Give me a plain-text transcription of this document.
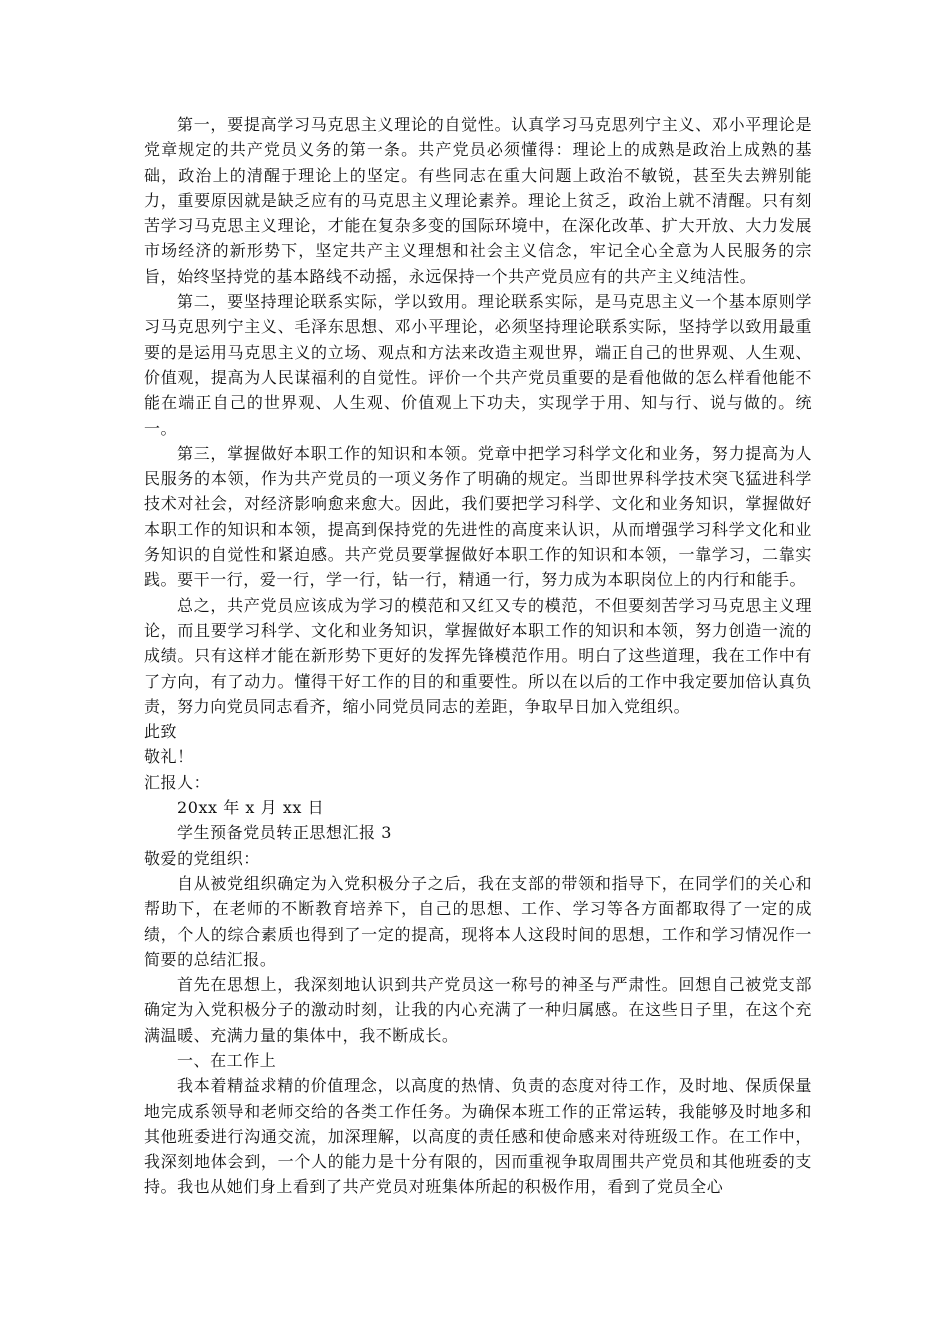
第一，要提高学习马克思主义理论的自觉性。认真学习马克思列宁主义、邓小平理论是党章规定的共产党员义务的第一条。共产党员必须懂得：理论上的成熟是政治上成熟的基础，政治上的清醒于理论上的坚定。有些同志在重大问题上政治不敏锐，甚至失去辨别能力，重要原因就是缺乏应有的马克思主义理论素养。理论上贫乏，政治上就不清醒。只有刻苦学习马克思主义理论，才能在复杂多变的国际环境中，在深化改革、扩大开放、大力发展市场经济的新形势下，坚定共产主义理想和社会主义信念，牢记全心全意为人民服务的宗旨，始终坚持党的基本路线不动摇，永远保持一个共产党员应有的共产主义纯洁性。

第二，要坚持理论联系实际，学以致用。理论联系实际，是马克思主义一个基本原则学习马克思列宁主义、毛泽东思想、邓小平理论，必须坚持理论联系实际，坚持学以致用最重要的是运用马克思主义的立场、观点和方法来改造主观世界，端正自己的世界观、人生观、价值观，提高为人民谋福利的自觉性。评价一个共产党员重要的是看他做的怎么样看他能不能在端正自己的世界观、人生观、价值观上下功夫，实现学于用、知与行、说与做的。统一。

第三，掌握做好本职工作的知识和本领。党章中把学习科学文化和业务，努力提高为人民服务的本领，作为共产党员的一项义务作了明确的规定。当即世界科学技术突飞猛进科学技术对社会，对经济影响愈来愈大。因此，我们要把学习科学、文化和业务知识，掌握做好本职工作的知识和本领，提高到保持党的先进性的高度来认识，从而增强学习科学文化和业务知识的自觉性和紧迫感。共产党员要掌握做好本职工作的知识和本领，一靠学习，二靠实践。要干一行，爱一行，学一行，钻一行，精通一行，努力成为本职岗位上的内行和能手。

总之，共产党员应该成为学习的模范和又红又专的模范，不但要刻苦学习马克思主义理论，而且要学习科学、文化和业务知识，掌握做好本职工作的知识和本领，努力创造一流的成绩。只有这样才能在新形势下更好的发挥先锋模范作用。明白了这些道理，我在工作中有了方向，有了动力。懂得干好工作的目的和重要性。所以在以后的工作中我定要加倍认真负责，努力向党员同志看齐，缩小同党员同志的差距，争取早日加入党组织。

此致

敬礼！

汇报人：

20xx 年 x 月 xx 日

学生预备党员转正思想汇报 3

敬爱的党组织：

自从被党组织确定为入党积极分子之后，我在支部的带领和指导下，在同学们的关心和帮助下，在老师的不断教育培养下，自己的思想、工作、学习等各方面都取得了一定的成绩，个人的综合素质也得到了一定的提高，现将本人这段时间的思想，工作和学习情况作一简要的总结汇报。

首先在思想上，我深刻地认识到共产党员这一称号的神圣与严肃性。回想自己被党支部确定为入党积极分子的激动时刻，让我的内心充满了一种归属感。在这些日子里，在这个充满温暖、充满力量的集体中，我不断成长。

一、在工作上

我本着精益求精的价值理念，以高度的热情、负责的态度对待工作，及时地、保质保量地完成系领导和老师交给的各类工作任务。为确保本班工作的正常运转，我能够及时地多和其他班委进行沟通交流，加深理解，以高度的责任感和使命感来对待班级工作。在工作中，我深刻地体会到，一个人的能力是十分有限的，因而重视争取周围共产党员和其他班委的支持。我也从她们身上看到了共产党员对班集体所起的积极作用，看到了党员全心
